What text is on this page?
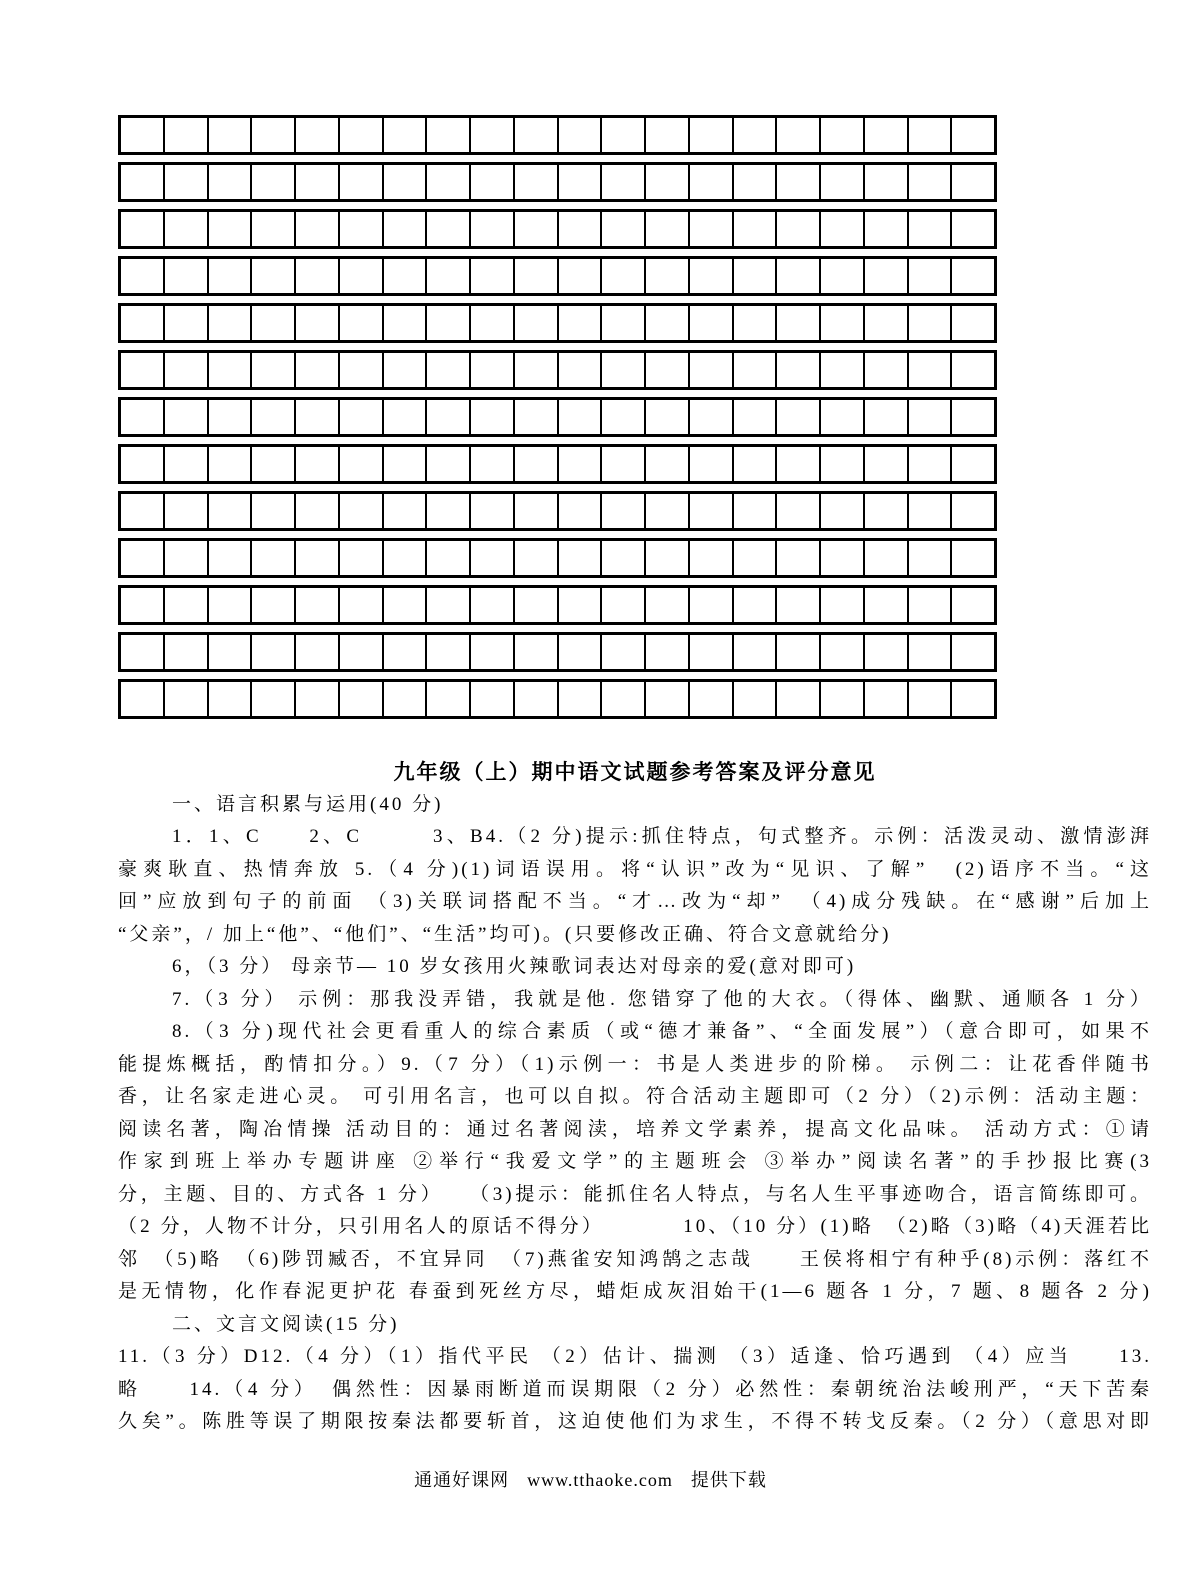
九年级（上）期中语文试题参考答案及评分意见
一、语言积累与运用(40 分)
1．1、C　　2、C　　　3、B4.（2 分)提示:抓住特点，句式整齐。示例：活泼灵动、激情澎湃
豪爽耿直、热情奔放 5.（4 分)(1)词语误用。将“认识”改为“见识、了解”　(2)语序不当。“这
回”应放到句子的前面 （3)关联词搭配不当。“才…改为“却”　（4)成分残缺。在“感谢”后加上
“父亲”，/ 加上“他”、“他们”、“生活”均可)。(只要修改正确、符合文意就给分)
6，（3 分） 母亲节— 10 岁女孩用火辣歌词表达对母亲的爱(意对即可)
7.（3 分） 示例：那我没弄错，我就是他. 您错穿了他的大衣。（得体、幽默、通顺各 1 分）
8.（3 分)现代社会更看重人的综合素质（或“德才兼备”、“全面发展”）（意合即可，如果不
能提炼概括，酌情扣分。）9.（7 分）（1)示例一：书是人类进步的阶梯。 示例二：让花香伴随书
香，让名家走进心灵。 可引用名言，也可以自拟。符合活动主题即可（2 分）（2)示例：活动主题：
阅读名著，陶冶情操 活动目的：通过名著阅渎，培养文学素养，提高文化品味。 活动方式：①请
作家到班上举办专题讲座 ②举行“我爱文学”的主题班会 ③举办”阅读名著”的手抄报比赛(3
分，主题、目的、方式各 1 分）　　（3)提示：能抓住名人特点，与名人生平事迹吻合，语言简练即可。
（2 分，人物不计分，只引用名人的原话不得分）　　　　10、（10 分）(1)略　（2)略（3)略（4)天涯若比
邻　（5)略　（6)陟罚臧否，不宜异同　（7)燕雀安知鸿鹄之志哉　　王侯将相宁有种乎(8)示例：落红不
是无情物，化作春泥更护花 春蚕到死丝方尽，蜡炬成灰泪始干(1—6 题各 1 分，7 题、8 题各 2 分)
二、文言文阅读(15 分)
11.（3 分）D12.（4 分）（1）指代平民 （2）估计、揣测 （3）适逢、恰巧遇到 （4）应当　　13.
略　　14.（4 分）　偶然性：因暴雨断道而误期限（2 分）必然性：秦朝统治法峻刑严，“天下苦秦
久矣”。陈胜等误了期限按秦法都要斩首，这迫使他们为求生，不得不转戈反秦。（2 分）（意思对即
通通好课网 www.tthaoke.com 提供下载
